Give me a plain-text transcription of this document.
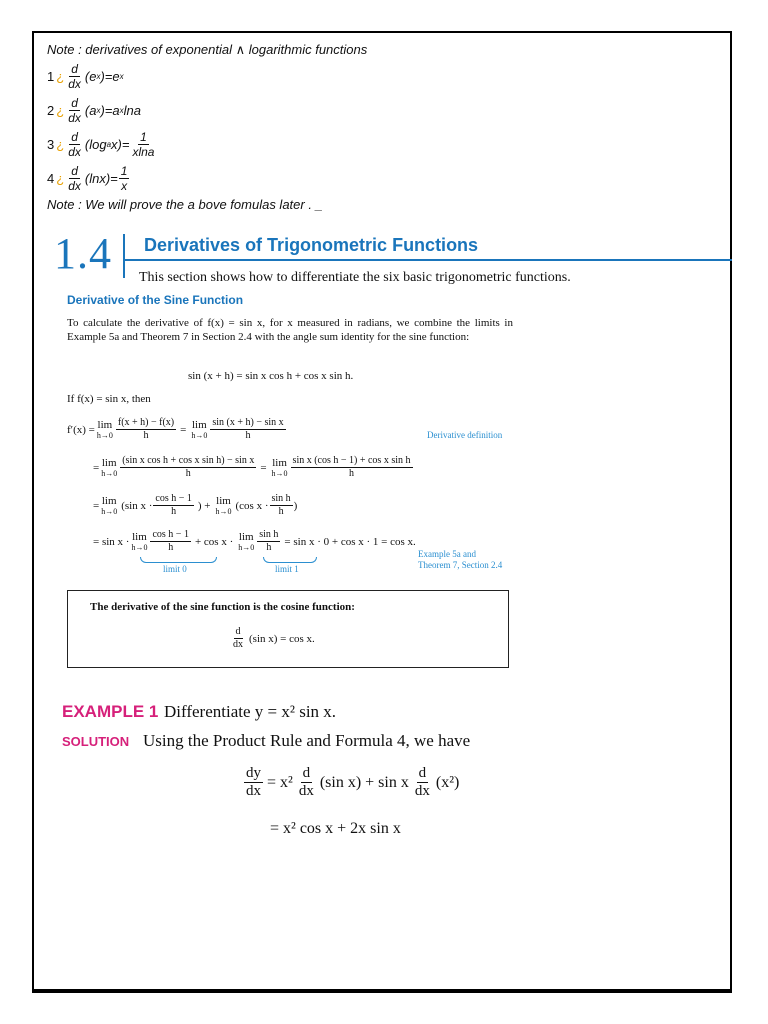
Note : derivatives of exponential ∧ logarithmic functions
1 ¿ $\frac{d}{dx} (e$ x )=e x
2 ¿ $\frac{d}{dx} (a$ x )=a x lna
3 ¿ $\frac{d}{dx} (\log$ a $x)= \frac{1}{xlna}$
4 ¿ $\frac{d}{dx} (\ln x)= \frac{1}{x}$
Note : We will prove the a bove fomulas later . _
1.4 Derivatives of Trigonometric Functions
This section shows how to differentiate the six basic trigonometric functions.
Derivative of the Sine Function
To calculate the derivative of f(x) = sin x, for x measured in radians, we combine the limits in Example 5a and Theorem 7 in Section 2.4 with the angle sum identity for the sine function:
sin (x + h) = sin x cos h + cos x sin h.
If f(x) = sin x, then
f′(x) = lim
$h\to 0 \frac{f(x + h) - f(x)}{h} = \lim$
$h\to 0 \frac{\text{sin (x + h) − sin x}}{h}$	Derivative definition
= lim
$h\to 0 \frac{\text{(sin x cos h + cos x sin h) − sin x}}{h} = \lim$
$h\to 0 \frac{\text{sin x (cos h − 1) + cos x sin h}}{h}$
= lim
h→0 (sin $x \cdot \frac{\text{cos h − 1}}{h}$ ) + lim
h→0 (cos $x \cdot \frac{\text{sin h}}{h}$ )
= sin x · lim
$h\to 0 \frac{\text{cos h − 1}}{h} + \cos x \cdot \lim$
$h\to 0 \frac{\text{sin h}}{h} = \sin x \cdot 0 + \cos x \cdot 1 = \cos x$.
limit 0	limit 1
Example 5a and
Theorem 7, Section 2.4
The derivative of the sine function is the cosine function:
$\frac{d}{dx} (\sin$ x) = cos x.
EXAMPLE 1 Differentiate y = x² sin x.
SOLUTION Using the Product Rule and Formula 4, we have
$\frac{dy}{dx} = x^2 \frac{d}{dx} (\sin$ x) + sin x $\frac{d}{dx} (x^2)$
= x² cos x + 2x sin x
